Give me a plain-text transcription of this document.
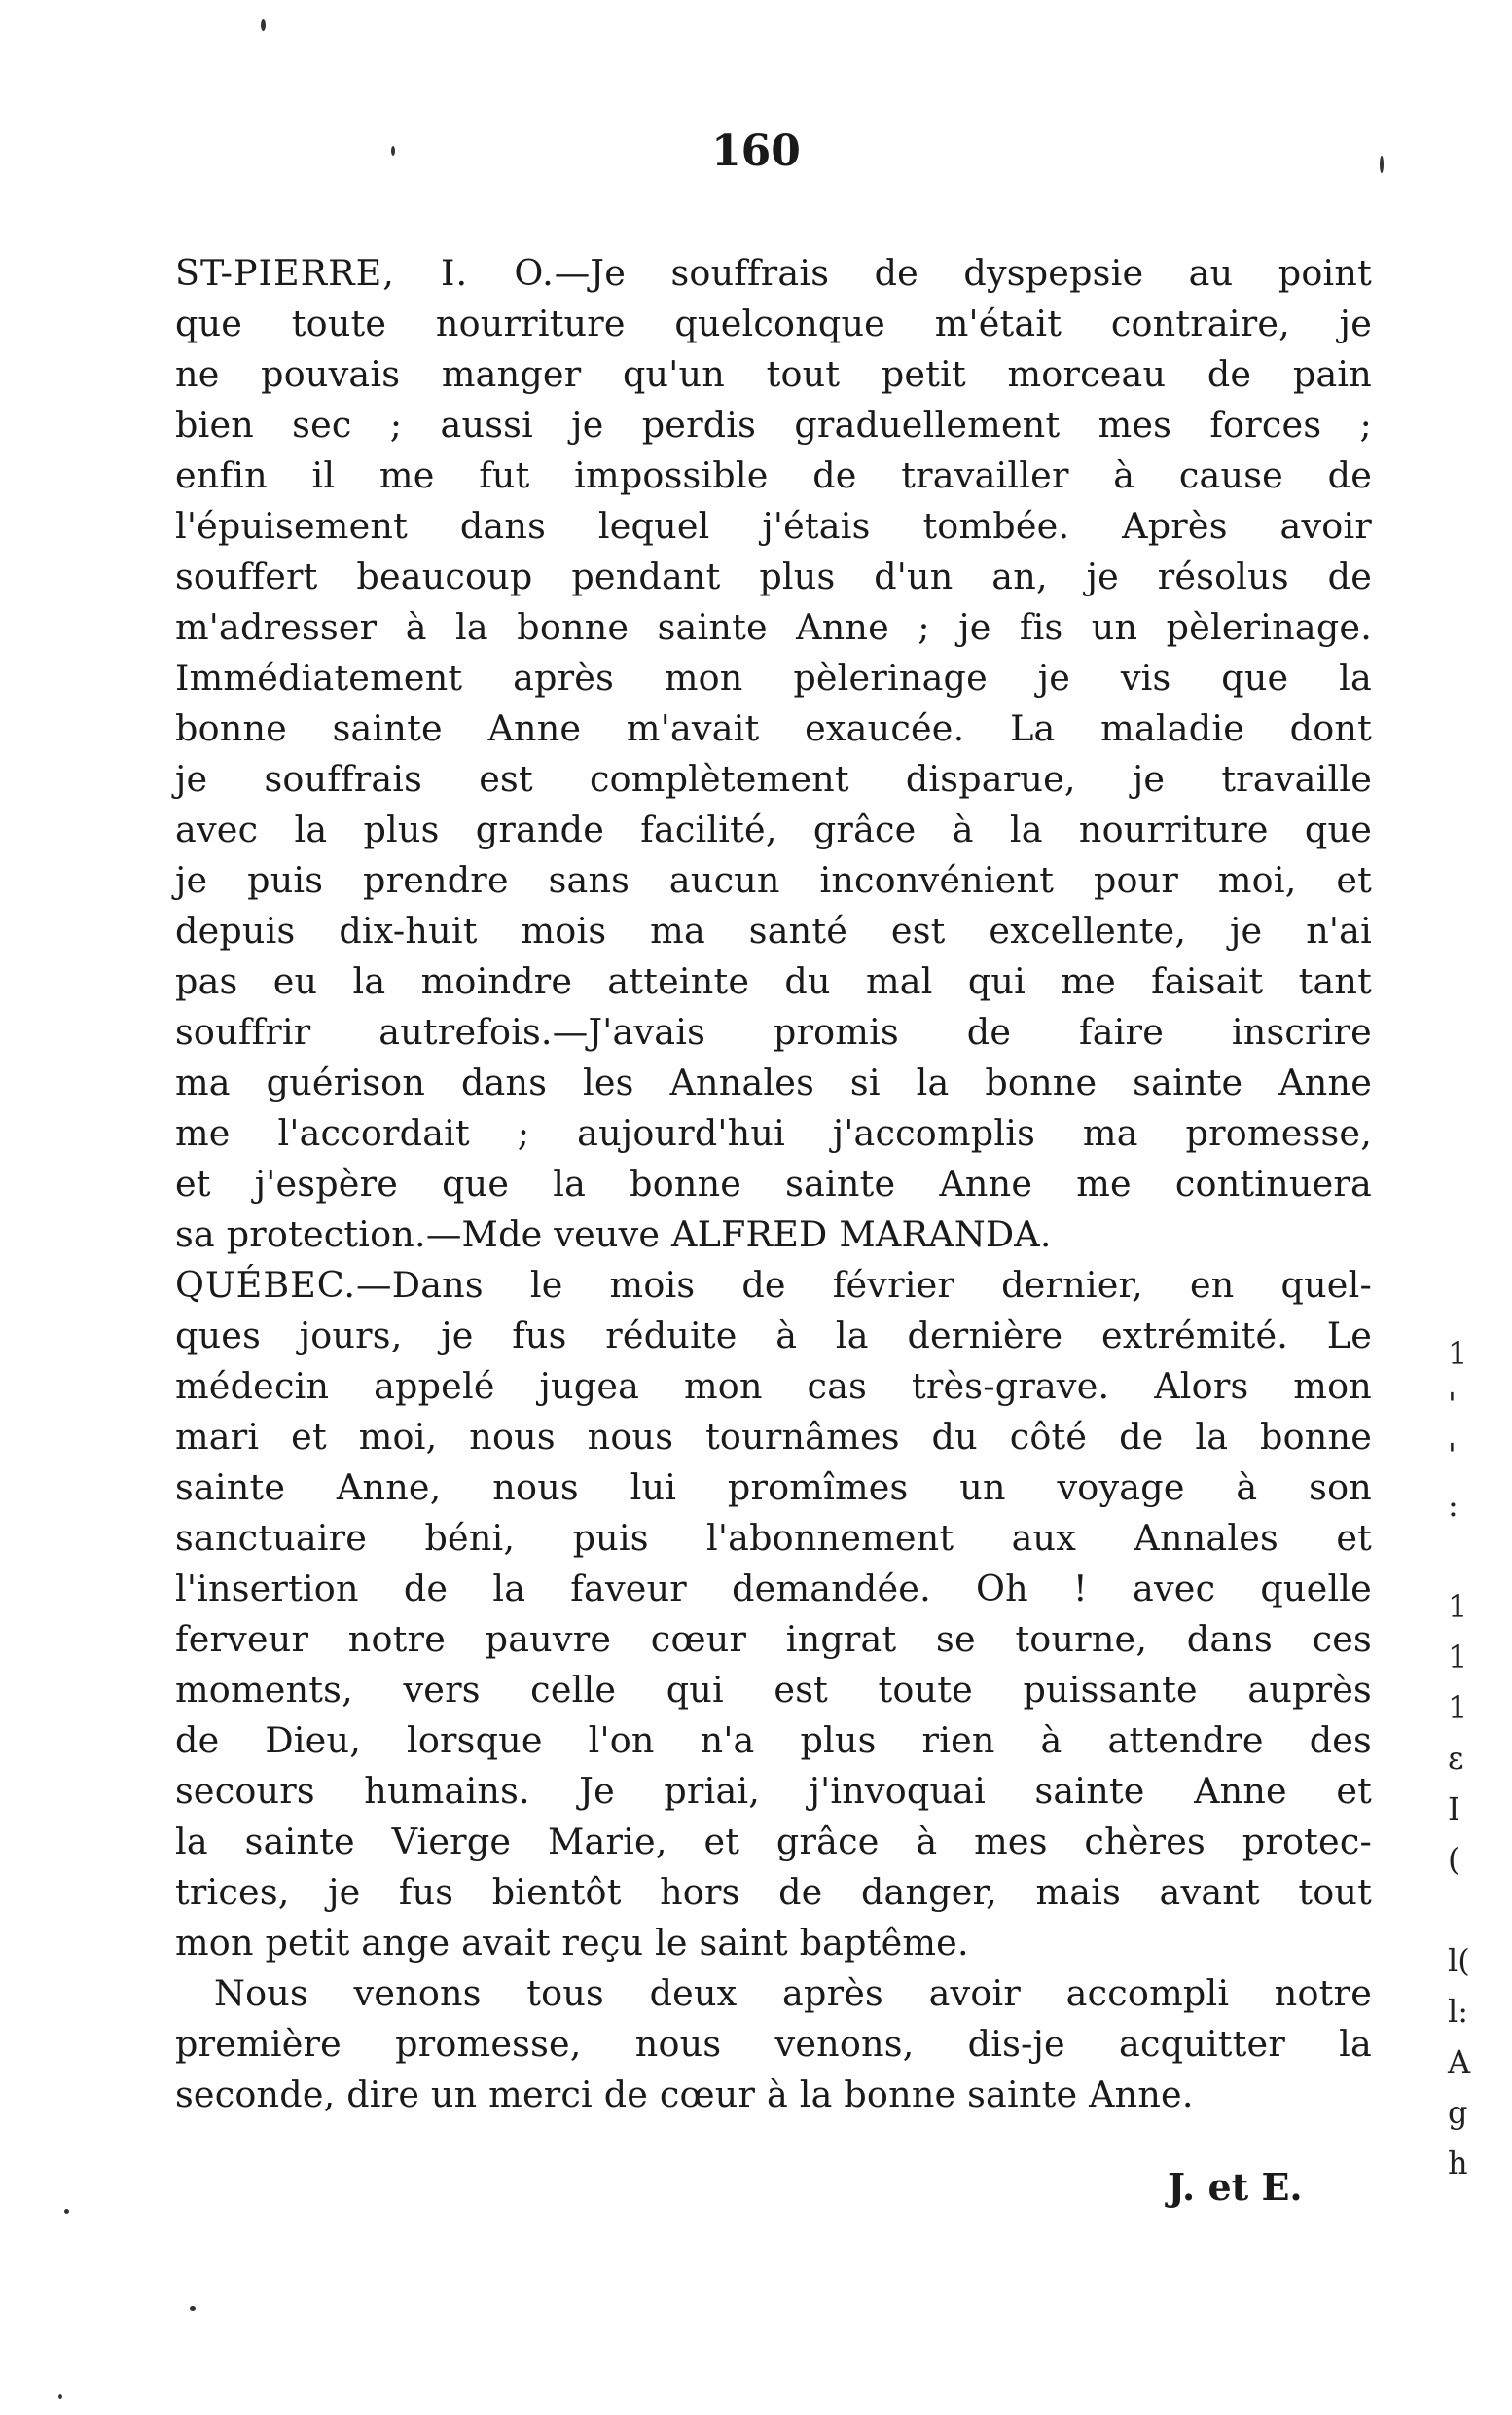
160
ST-PIERRE, I. O.—Je souffrais de dyspepsie au point
que toute nourriture quelconque m'était contraire, je
ne pouvais manger qu'un tout petit morceau de pain
bien sec ; aussi je perdis graduellement mes forces ;
enfin il me fut impossible de travailler à cause de
l'épuisement dans lequel j'étais tombée. Après avoir
souffert beaucoup pendant plus d'un an, je résolus de
m'adresser à la bonne sainte Anne ; je fis un pèlerinage.
Immédiatement après mon pèlerinage je vis que la
bonne sainte Anne m'avait exaucée. La maladie dont
je souffrais est complètement disparue, je travaille
avec la plus grande facilité, grâce à la nourriture que
je puis prendre sans aucun inconvénient pour moi, et
depuis dix-huit mois ma santé est excellente, je n'ai
pas eu la moindre atteinte du mal qui me faisait tant
souffrir autrefois.—J'avais promis de faire inscrire
ma guérison dans les Annales si la bonne sainte Anne
me l'accordait ; aujourd'hui j'accomplis ma promesse,
et j'espère que la bonne sainte Anne me continuera
sa protection.—Mde veuve ALFRED MARANDA.
QUÉBEC.—Dans le mois de février dernier, en quel-
ques jours, je fus réduite à la dernière extrémité. Le
médecin appelé jugea mon cas très-grave. Alors mon
mari et moi, nous nous tournâmes du côté de la bonne
sainte Anne, nous lui promîmes un voyage à son
sanctuaire béni, puis l'abonnement aux Annales et
l'insertion de la faveur demandée. Oh ! avec quelle
ferveur notre pauvre cœur ingrat se tourne, dans ces
moments, vers celle qui est toute puissante auprès
de Dieu, lorsque l'on n'a plus rien à attendre des
secours humains. Je priai, j'invoquai sainte Anne et
la sainte Vierge Marie, et grâce à mes chères protec-
trices, je fus bientôt hors de danger, mais avant tout
mon petit ange avait reçu le saint baptême.
Nous venons tous deux après avoir accompli notre
première promesse, nous venons, dis-je acquitter la
seconde, dire un merci de cœur à la bonne sainte Anne.
J. et E.
1
'
'
:
1
1
1
ε
I
(
l(
l:
A
g
h
